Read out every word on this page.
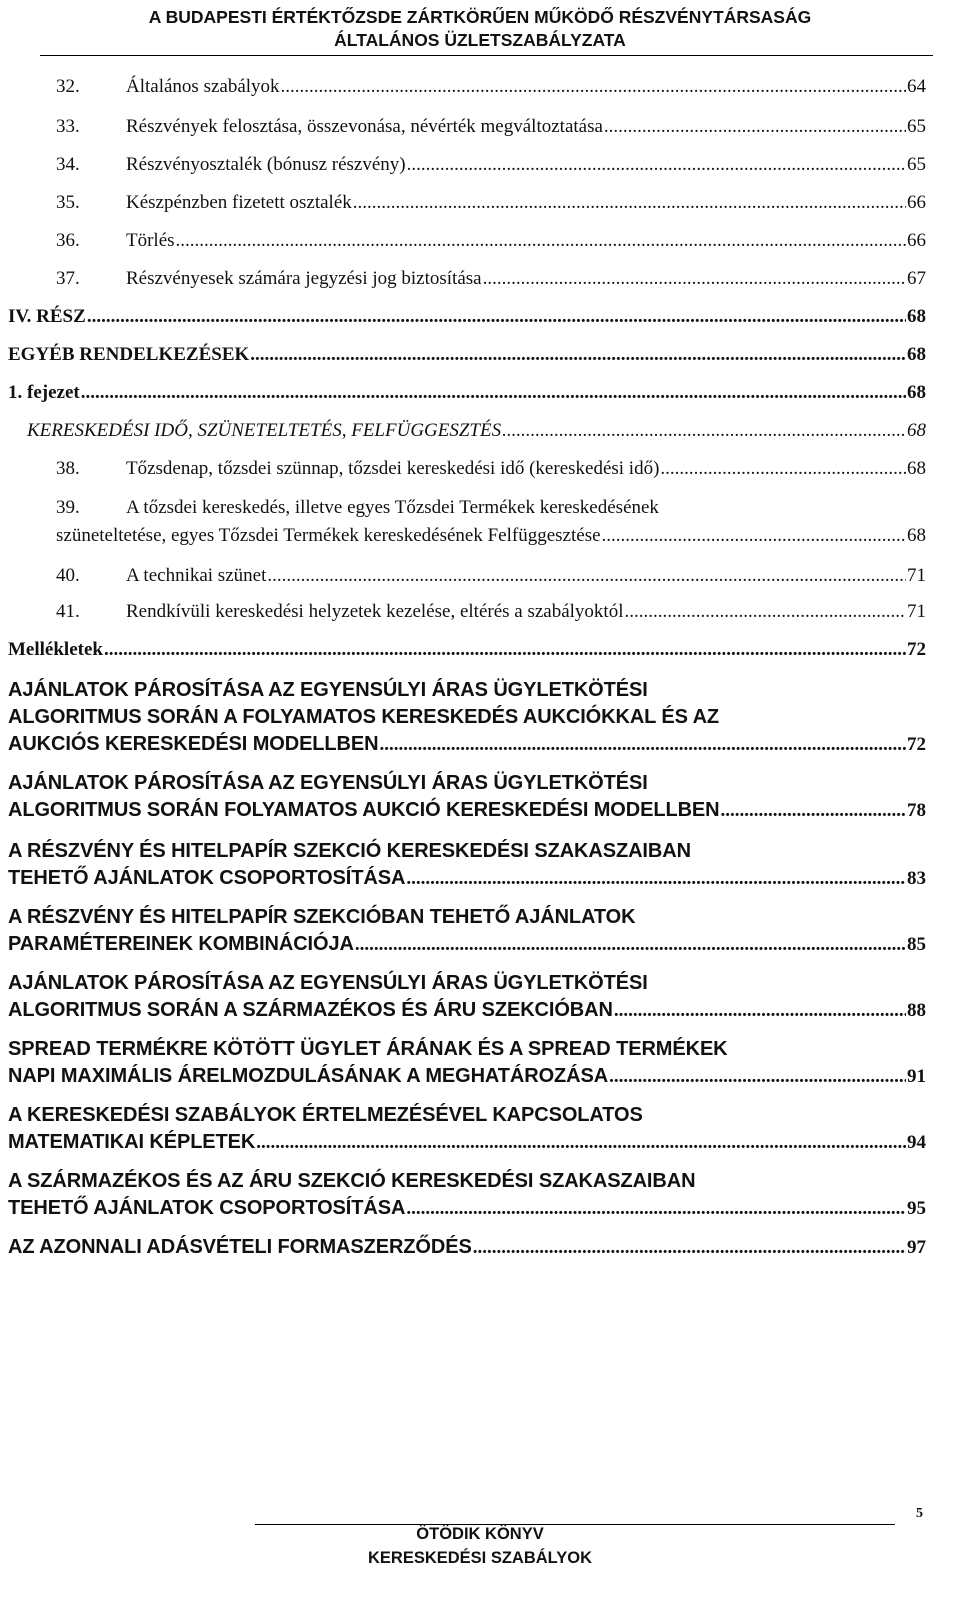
A BUDAPESTI ÉRTÉKTŐZSDE ZÁRTKÖRŰEN MŰKÖDŐ RÉSZVÉNYTÁRSASÁG
ÁLTALÁNOS ÜZLETSZABÁLYZATA
32. Általános szabályok .....	64
33. Részvények felosztása, összevonása, névérték megváltoztatása .....	65
34. Részvényosztalék (bónusz részvény) .....	65
35. Készpénzben fizetett osztalék .....	66
36. Törlés .....	66
37. Részvényesek számára jegyzési jog biztosítása .....	67
IV. RÉSZ .....	68
EGYÉB RENDELKEZÉSEK .....	68
1. fejezet .....	68
KERESKEDÉSI IDŐ, SZÜNETELTETÉS, FELFÜGGESZTÉS .....	68
38. Tőzsdenap, tőzsdei szünnap, tőzsdei kereskedési idő (kereskedési idő) .....	68
39. A tőzsdei kereskedés, illetve egyes Tőzsdei Termékek kereskedésének
szüneteltetése, egyes Tőzsdei Termékek kereskedésének Felfüggesztése .....	68
40. A technikai szünet .....	71
41. Rendkívüli kereskedési helyzetek kezelése, eltérés a szabályoktól .....	71
Mellékletek .....	72
AJÁNLATOK PÁROSÍTÁSA AZ EGYENSÚLYI ÁRAS ÜGYLETKÖTÉSI
ALGORITMUS SORÁN A FOLYAMATOS KERESKEDÉS AUKCIÓKKAL ÉS AZ
AUKCIÓS KERESKEDÉSI MODELLBEN .....	72
AJÁNLATOK PÁROSÍTÁSA AZ EGYENSÚLYI ÁRAS ÜGYLETKÖTÉSI
ALGORITMUS SORÁN FOLYAMATOS AUKCIÓ KERESKEDÉSI MODELLBEN .....	78
A RÉSZVÉNY ÉS HITELPAPÍR SZEKCIÓ KERESKEDÉSI SZAKASZAIBAN
TEHETŐ AJÁNLATOK CSOPORTOSÍTÁSA .....	83
A RÉSZVÉNY ÉS HITELPAPÍR SZEKCIÓBAN TEHETŐ AJÁNLATOK
PARAMÉTEREINEK KOMBINÁCIÓJA .....	85
AJÁNLATOK PÁROSÍTÁSA AZ EGYENSÚLYI ÁRAS ÜGYLETKÖTÉSI
ALGORITMUS SORÁN A SZÁRMAZÉKOS ÉS ÁRU SZEKCIÓBAN .....	88
SPREAD TERMÉKRE KÖTÖTT ÜGYLET ÁRÁNAK ÉS A SPREAD TERMÉKEK
NAPI MAXIMÁLIS ÁRELMOZDULÁSÁNAK A MEGHATÁROZÁSA .....	91
A KERESKEDÉSI SZABÁLYOK ÉRTELMEZÉSÉVEL KAPCSOLATOS
MATEMATIKAI KÉPLETEK .....	94
A SZÁRMAZÉKOS ÉS AZ ÁRU SZEKCIÓ KERESKEDÉSI SZAKASZAIBAN
TEHETŐ AJÁNLATOK CSOPORTOSÍTÁSA .....	95
AZ AZONNALI ADÁSVÉTELI FORMASZERZŐDÉS .....	97
ÖTÖDIK KÖNYV
KERESKEDÉSI SZABÁLYOK
5
